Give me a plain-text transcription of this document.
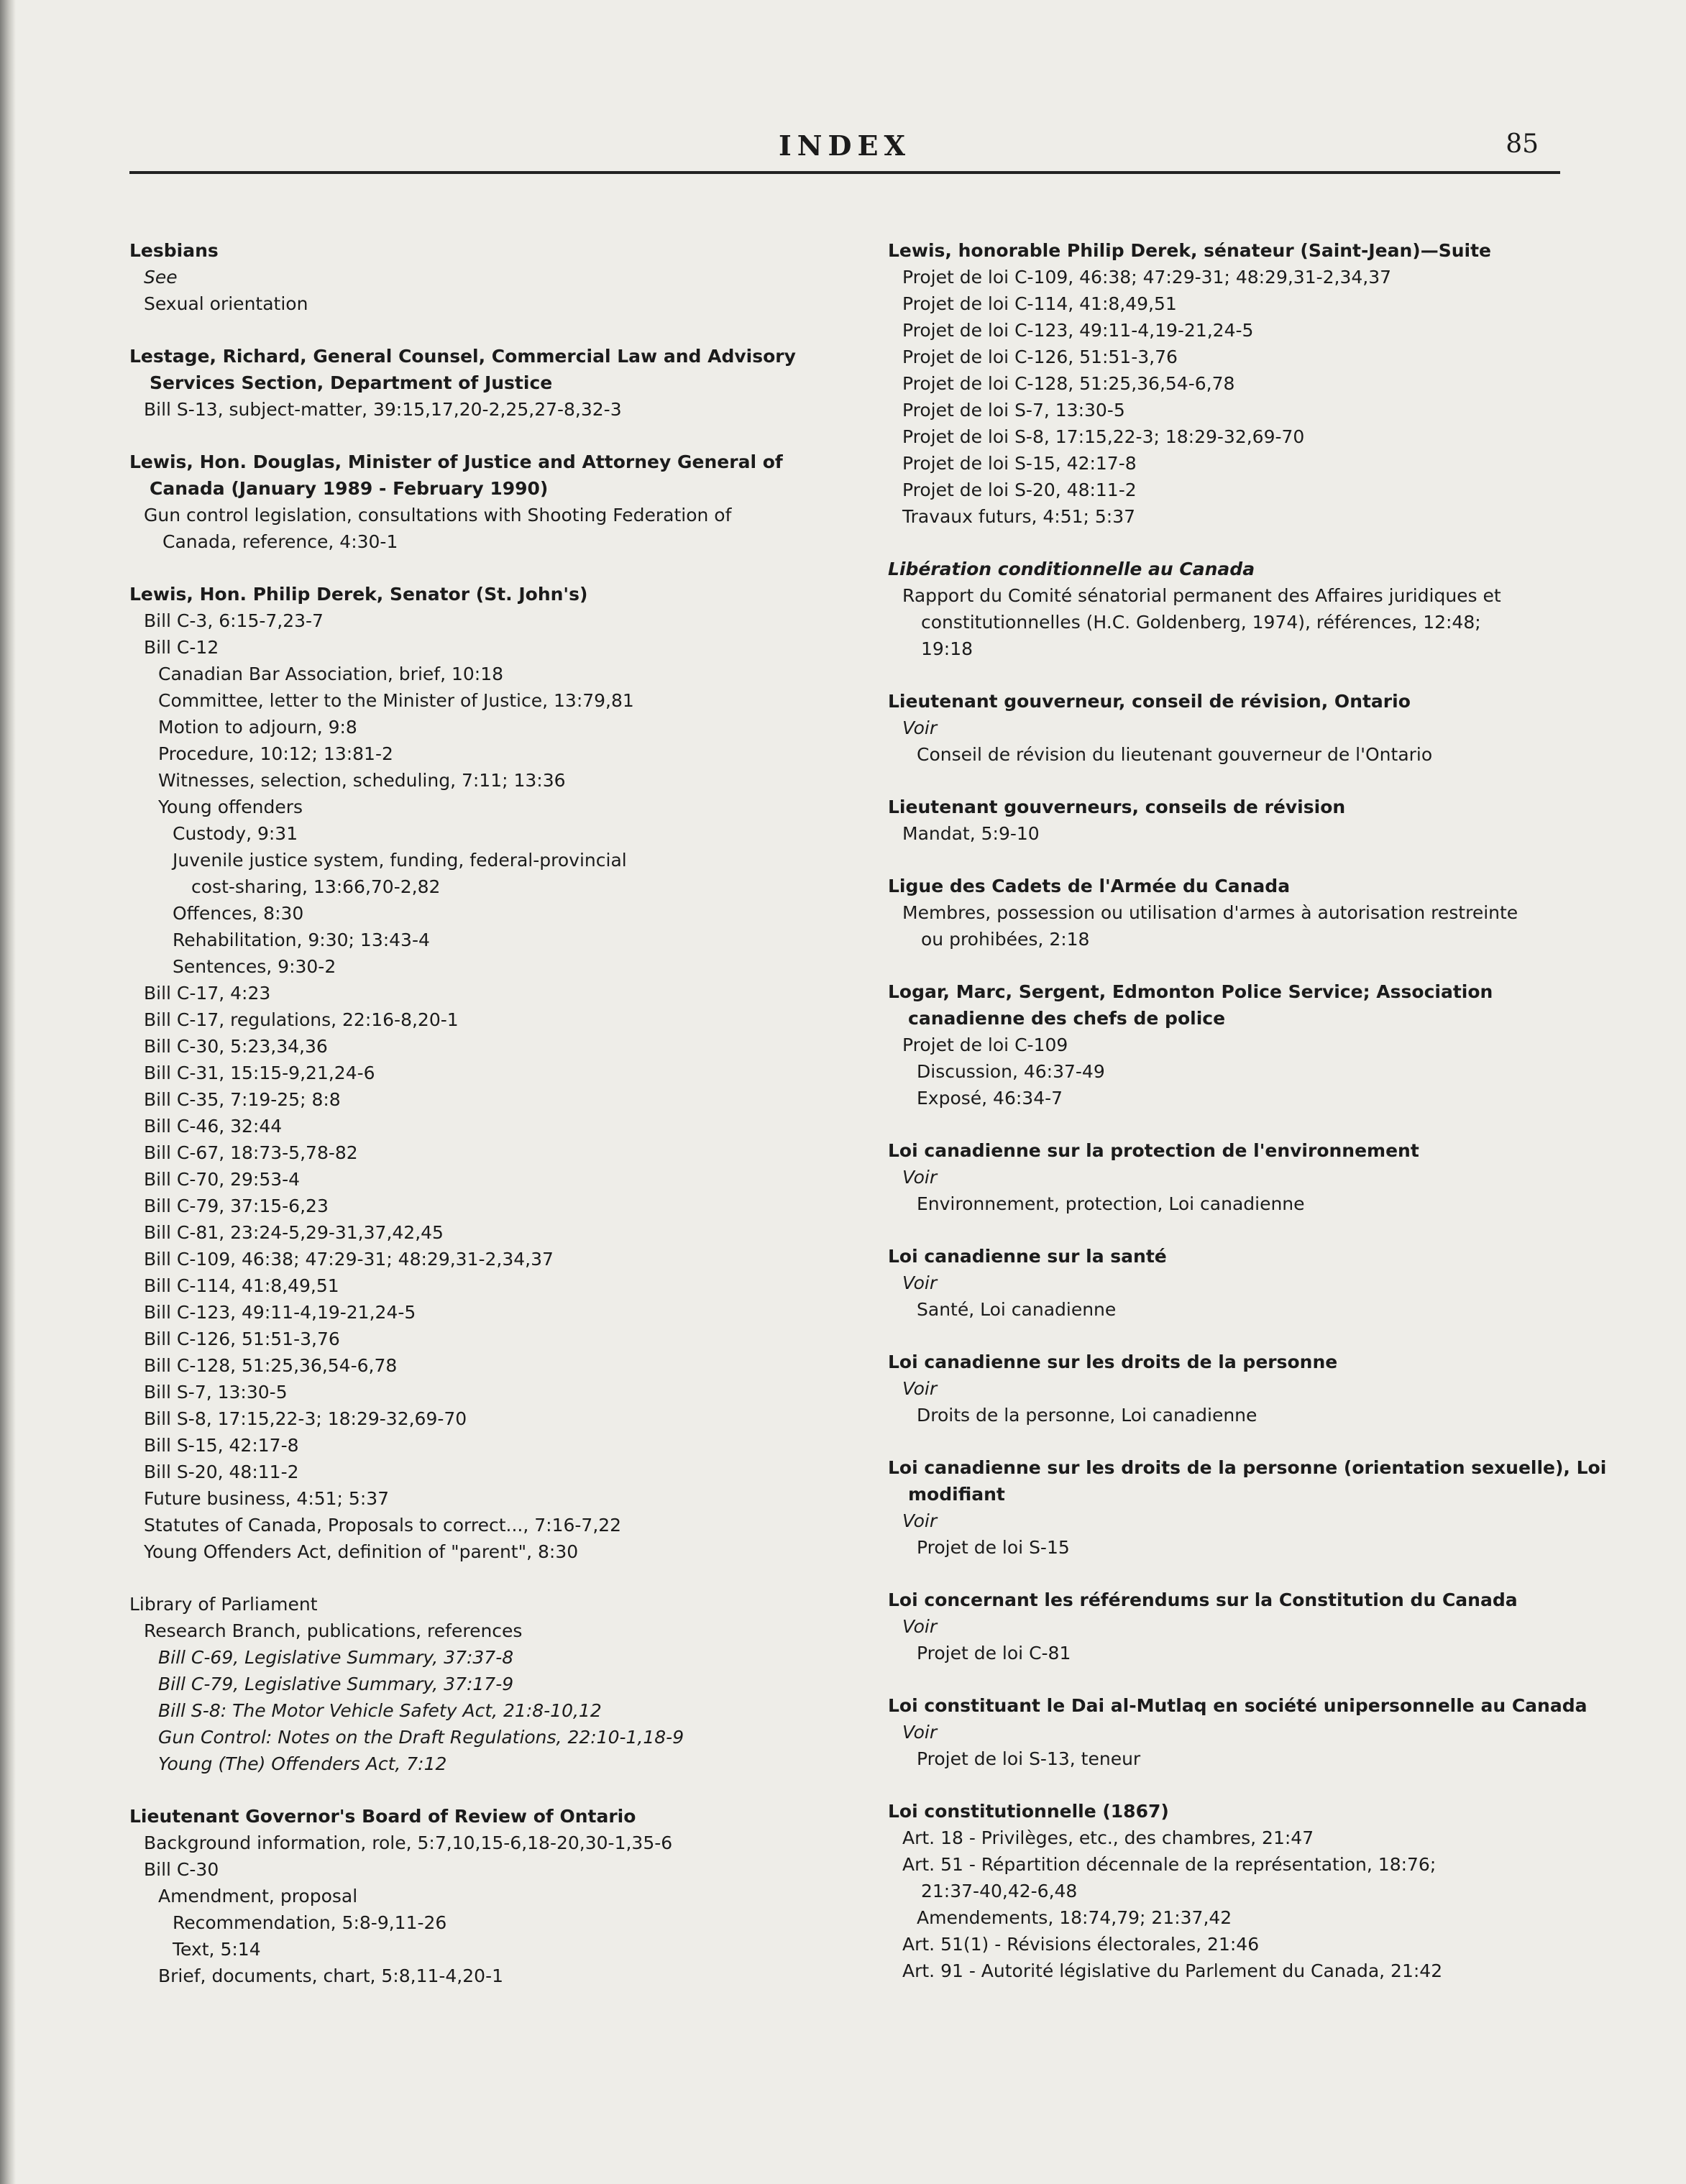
INDEX	85
Lesbians
See
Sexual orientation
Lestage, Richard, General Counsel, Commercial Law and Advisory
Services Section, Department of Justice
Bill S-13, subject-matter, 39:15,17,20-2,25,27-8,32-3
Lewis, Hon. Douglas, Minister of Justice and Attorney General of
Canada (January 1989 - February 1990)
Gun control legislation, consultations with Shooting Federation of
Canada, reference, 4:30-1
Lewis, Hon. Philip Derek, Senator (St. John's)
Bill C-3, 6:15-7,23-7
Bill C-12
Canadian Bar Association, brief, 10:18
Committee, letter to the Minister of Justice, 13:79,81
Motion to adjourn, 9:8
Procedure, 10:12; 13:81-2
Witnesses, selection, scheduling, 7:11; 13:36
Young offenders
Custody, 9:31
Juvenile justice system, funding, federal-provincial
cost-sharing, 13:66,70-2,82
Offences, 8:30
Rehabilitation, 9:30; 13:43-4
Sentences, 9:30-2
Bill C-17, 4:23
Bill C-17, regulations, 22:16-8,20-1
Bill C-30, 5:23,34,36
Bill C-31, 15:15-9,21,24-6
Bill C-35, 7:19-25; 8:8
Bill C-46, 32:44
Bill C-67, 18:73-5,78-82
Bill C-70, 29:53-4
Bill C-79, 37:15-6,23
Bill C-81, 23:24-5,29-31,37,42,45
Bill C-109, 46:38; 47:29-31; 48:29,31-2,34,37
Bill C-114, 41:8,49,51
Bill C-123, 49:11-4,19-21,24-5
Bill C-126, 51:51-3,76
Bill C-128, 51:25,36,54-6,78
Bill S-7, 13:30-5
Bill S-8, 17:15,22-3; 18:29-32,69-70
Bill S-15, 42:17-8
Bill S-20, 48:11-2
Future business, 4:51; 5:37
Statutes of Canada, Proposals to correct..., 7:16-7,22
Young Offenders Act, definition of "parent", 8:30
Library of Parliament
Research Branch, publications, references
Bill C-69, Legislative Summary, 37:37-8
Bill C-79, Legislative Summary, 37:17-9
Bill S-8: The Motor Vehicle Safety Act, 21:8-10,12
Gun Control: Notes on the Draft Regulations, 22:10-1,18-9
Young (The) Offenders Act, 7:12
Lieutenant Governor's Board of Review of Ontario
Background information, role, 5:7,10,15-6,18-20,30-1,35-6
Bill C-30
Amendment, proposal
Recommendation, 5:8-9,11-26
Text, 5:14
Brief, documents, chart, 5:8,11-4,20-1
Lewis, honorable Philip Derek, sénateur (Saint-Jean)—Suite
Projet de loi C-109, 46:38; 47:29-31; 48:29,31-2,34,37
Projet de loi C-114, 41:8,49,51
Projet de loi C-123, 49:11-4,19-21,24-5
Projet de loi C-126, 51:51-3,76
Projet de loi C-128, 51:25,36,54-6,78
Projet de loi S-7, 13:30-5
Projet de loi S-8, 17:15,22-3; 18:29-32,69-70
Projet de loi S-15, 42:17-8
Projet de loi S-20, 48:11-2
Travaux futurs, 4:51; 5:37
Libération conditionnelle au Canada
Rapport du Comité sénatorial permanent des Affaires juridiques et
constitutionnelles (H.C. Goldenberg, 1974), références, 12:48;
19:18
Lieutenant gouverneur, conseil de révision, Ontario
Voir
Conseil de révision du lieutenant gouverneur de l'Ontario
Lieutenant gouverneurs, conseils de révision
Mandat, 5:9-10
Ligue des Cadets de l'Armée du Canada
Membres, possession ou utilisation d'armes à autorisation restreinte
ou prohibées, 2:18
Logar, Marc, Sergent, Edmonton Police Service; Association
canadienne des chefs de police
Projet de loi C-109
Discussion, 46:37-49
Exposé, 46:34-7
Loi canadienne sur la protection de l'environnement
Voir
Environnement, protection, Loi canadienne
Loi canadienne sur la santé
Voir
Santé, Loi canadienne
Loi canadienne sur les droits de la personne
Voir
Droits de la personne, Loi canadienne
Loi canadienne sur les droits de la personne (orientation sexuelle), Loi
modifiant
Voir
Projet de loi S-15
Loi concernant les référendums sur la Constitution du Canada
Voir
Projet de loi C-81
Loi constituant le Dai al-Mutlaq en société unipersonnelle au Canada
Voir
Projet de loi S-13, teneur
Loi constitutionnelle (1867)
Art. 18 - Privilèges, etc., des chambres, 21:47
Art. 51 - Répartition décennale de la représentation, 18:76;
21:37-40,42-6,48
Amendements, 18:74,79; 21:37,42
Art. 51(1) - Révisions électorales, 21:46
Art. 91 - Autorité législative du Parlement du Canada, 21:42
